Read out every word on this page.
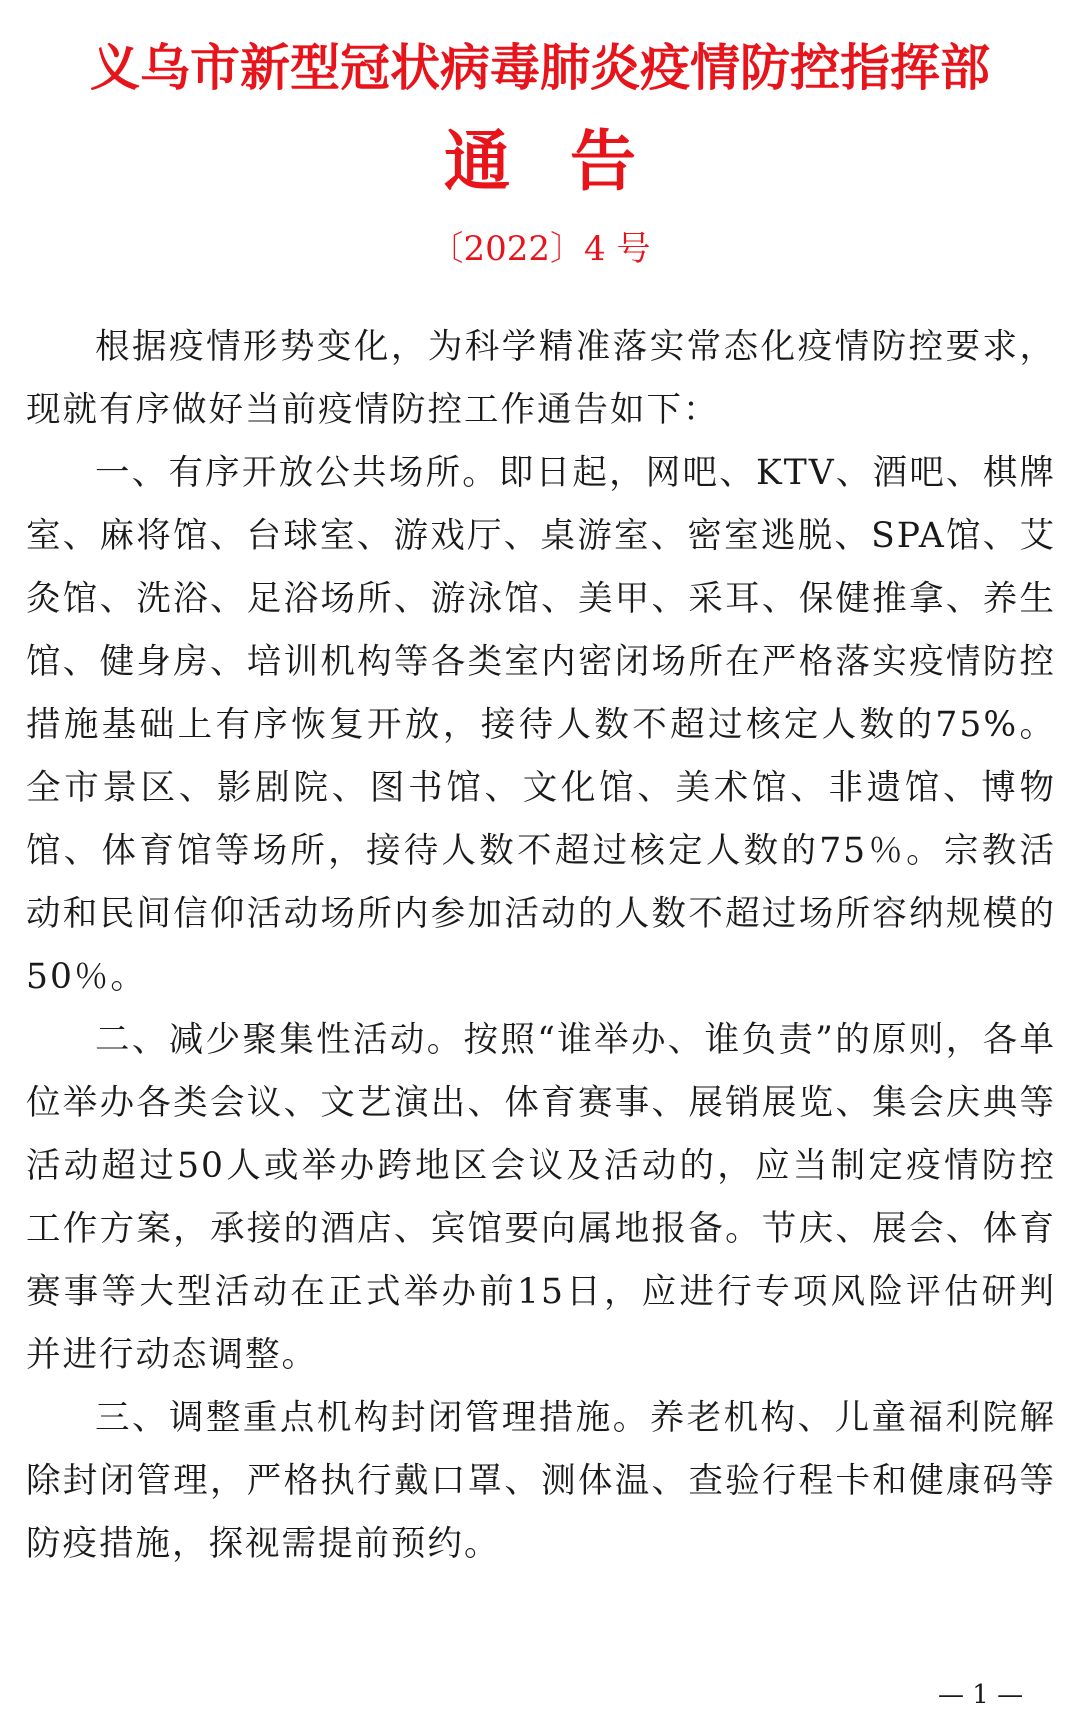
义乌市新型冠状病毒肺炎疫情防控指挥部
通告
〔2022〕4 号

根据疫情形势变化，为科学精准落实常态化疫情防控要求，现就有序做好当前疫情防控工作通告如下：

一、有序开放公共场所。即日起，网吧、KTV、酒吧、棋牌室、麻将馆、台球室、游戏厅、桌游室、密室逃脱、SPA馆、艾灸馆、洗浴、足浴场所、游泳馆、美甲、采耳、保健推拿、养生馆、健身房、培训机构等各类室内密闭场所在严格落实疫情防控措施基础上有序恢复开放，接待人数不超过核定人数的75%。全市景区、影剧院、图书馆、文化馆、美术馆、非遗馆、博物馆、体育馆等场所，接待人数不超过核定人数的75％。宗教活动和民间信仰活动场所内参加活动的人数不超过场所容纳规模的50％。

二、减少聚集性活动。按照“谁举办、谁负责”的原则，各单位举办各类会议、文艺演出、体育赛事、展销展览、集会庆典等活动超过50人或举办跨地区会议及活动的，应当制定疫情防控工作方案，承接的酒店、宾馆要向属地报备。节庆、展会、体育赛事等大型活动在正式举办前15日，应进行专项风险评估研判并进行动态调整。

三、调整重点机构封闭管理措施。养老机构、儿童福利院解除封闭管理，严格执行戴口罩、测体温、查验行程卡和健康码等防疫措施，探视需提前预约。

— 1 —
